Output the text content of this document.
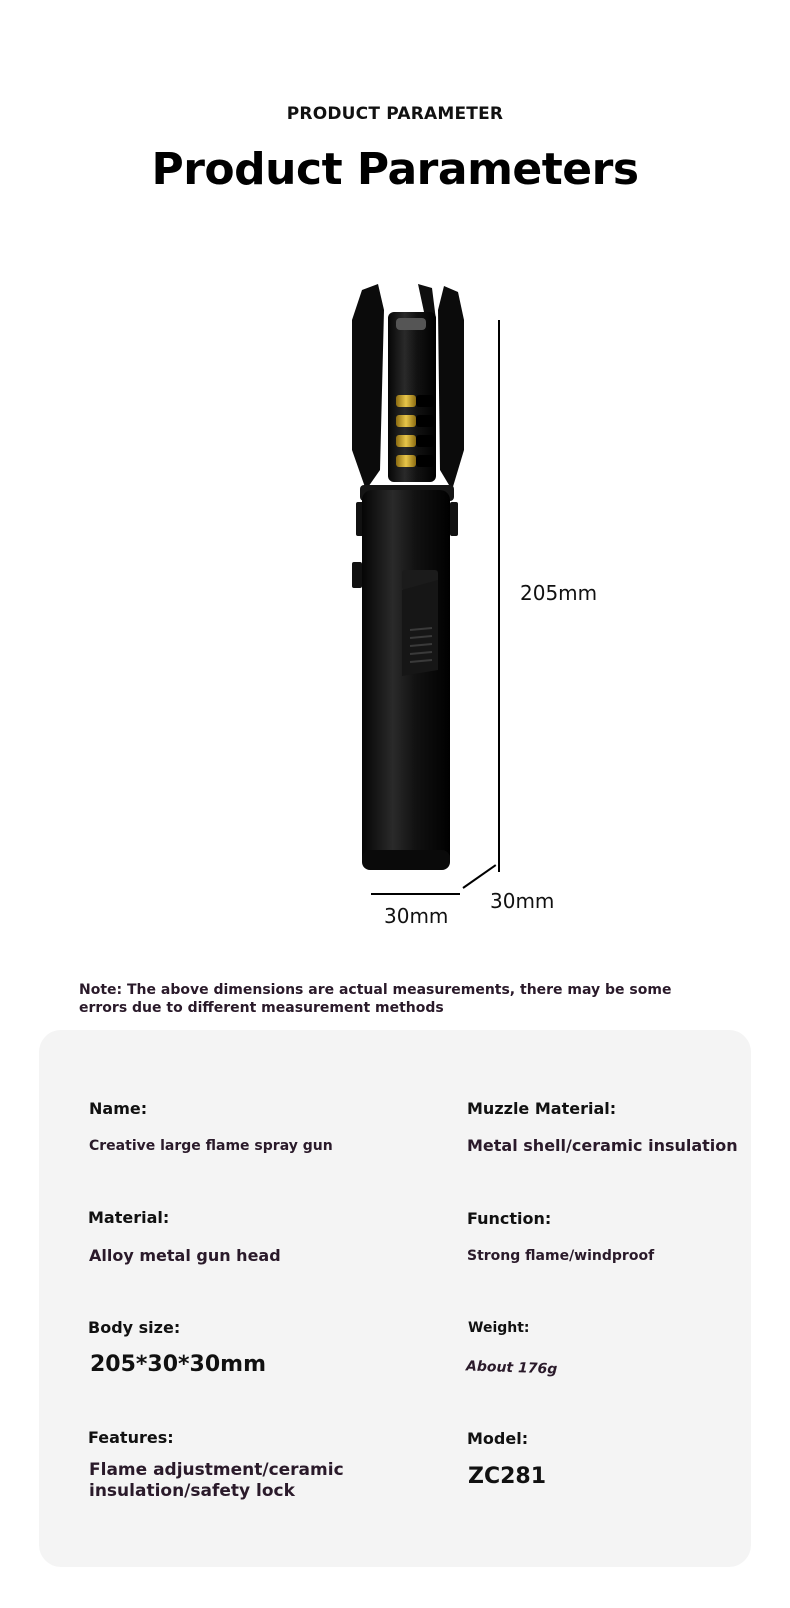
PRODUCT PARAMETER
Product Parameters
205mm
30mm
30mm
Note: The above dimensions are actual measurements, there may be some errors due to different measurement methods
Name:
Creative large flame spray gun
Muzzle Material:
Metal shell/ceramic insulation
Material:
Alloy metal gun head
Function:
Strong flame/windproof
Body size:
205*30*30mm
Weight:
About 176g
Features:
Flame adjustment/ceramic insulation/safety lock
Model:
ZC281
